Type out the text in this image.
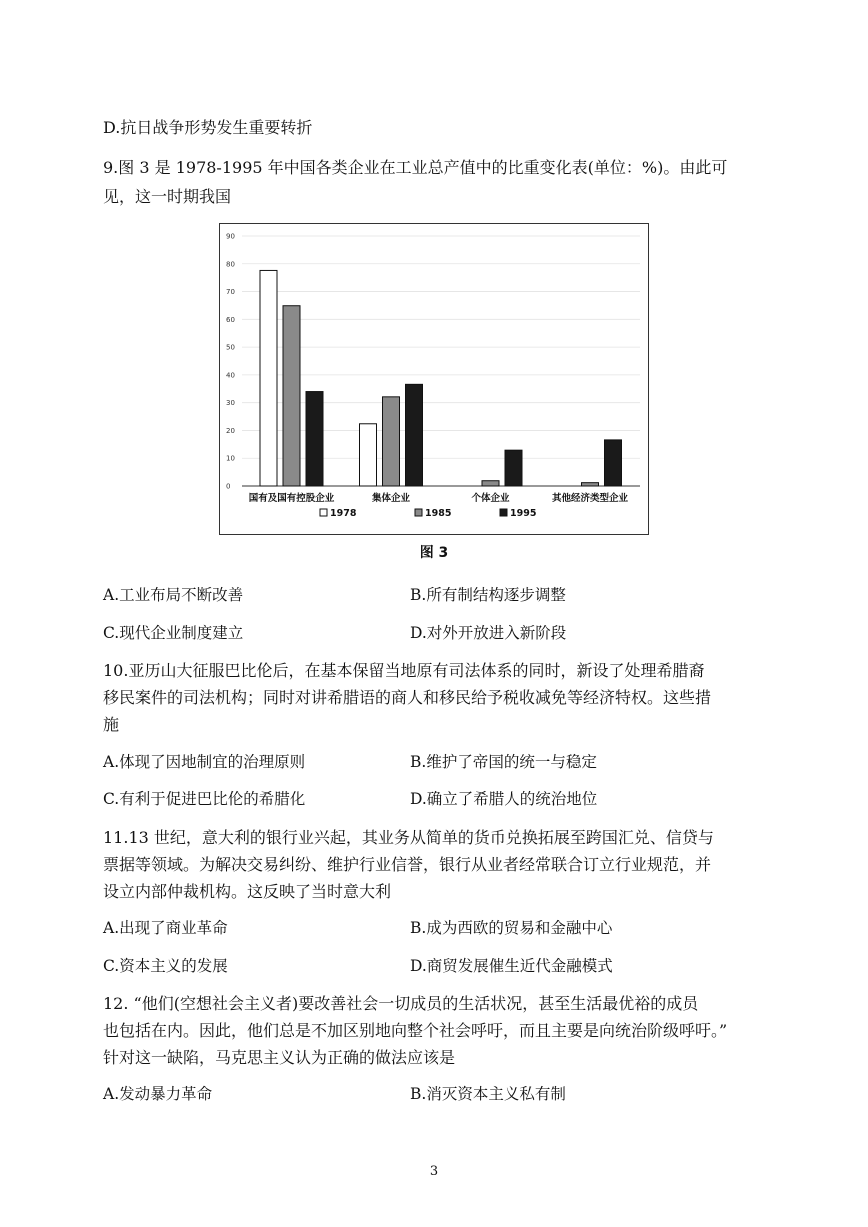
D.抗日战争形势发生重要转折
9.图 3 是 1978-1995 年中国各类企业在工业总产值中的比重变化表(单位：%)。由此可
见，这一时期我国
0
10
20
30
40
50
60
70
80
90
国有及国有控股企业	集体企业	个体企业	其他经济类型企业
1978	1985	1995
图 3
A.工业布局不断改善	B.所有制结构逐步调整
C.现代企业制度建立	D.对外开放进入新阶段
10.亚历山大征服巴比伦后，在基本保留当地原有司法体系的同时，新设了处理希腊裔
移民案件的司法机构；同时对讲希腊语的商人和移民给予税收减免等经济特权。这些措
施
A.体现了因地制宜的治理原则	B.维护了帝国的统一与稳定
C.有利于促进巴比伦的希腊化	D.确立了希腊人的统治地位
11.13 世纪，意大利的银行业兴起，其业务从简单的货币兑换拓展至跨国汇兑、信贷与
票据等领域。为解决交易纠纷、维护行业信誉，银行从业者经常联合订立行业规范，并
设立内部仲裁机构。这反映了当时意大利
A.出现了商业革命	B.成为西欧的贸易和金融中心
C.资本主义的发展	D.商贸发展催生近代金融模式
12. “他们(空想社会主义者)要改善社会一切成员的生活状况，甚至生活最优裕的成员
也包括在内。因此，他们总是不加区别地向整个社会呼吁，而且主要是向统治阶级呼吁。”
针对这一缺陷，马克思主义认为正确的做法应该是
A.发动暴力革命	B.消灭资本主义私有制
3
